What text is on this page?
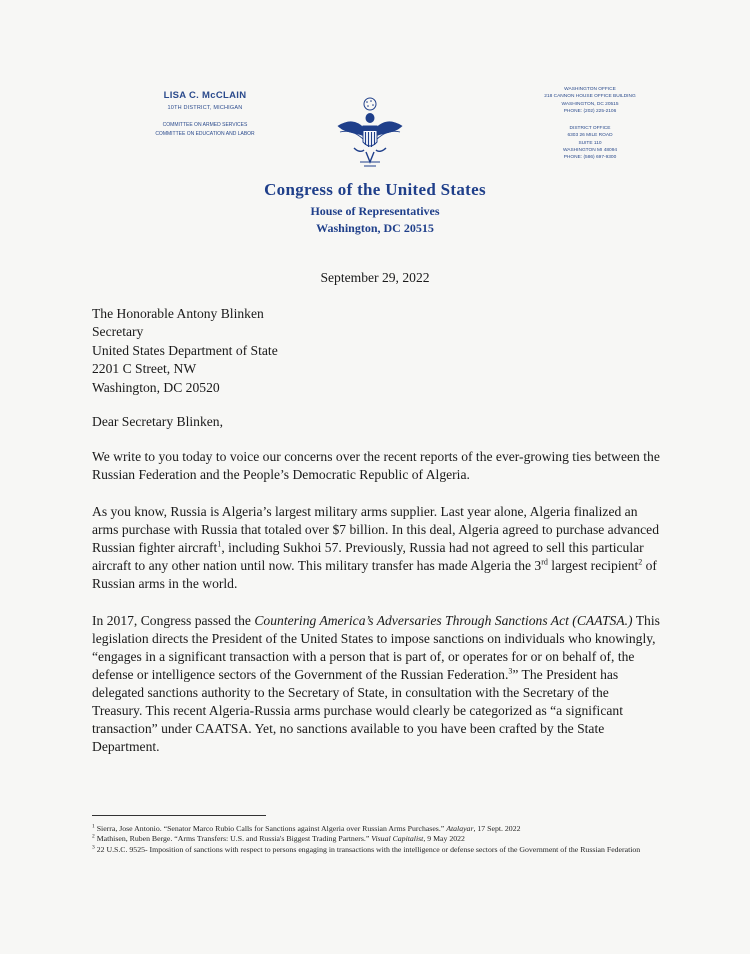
LISA C. McCLAIN
10TH DISTRICT, MICHIGAN
COMMITTEE ON ARMED SERVICES
COMMITTEE ON EDUCATION AND LABOR
WASHINGTON OFFICE
218 CANNON HOUSE OFFICE BUILDING
WASHINGTON, DC 20515
PHONE: (202) 225-2106
DISTRICT OFFICE
6303 26 MILE ROAD
SUITE 110
WASHINGTON MI 48094
PHONE: (586) 697-9300
Congress of the United States
House of Representatives
Washington, DC 20515
September 29, 2022
The Honorable Antony Blinken
Secretary
United States Department of State
2201 C Street, NW
Washington, DC 20520
Dear Secretary Blinken,
We write to you today to voice our concerns over the recent reports of the ever-growing ties between the Russian Federation and the People’s Democratic Republic of Algeria.
As you know, Russia is Algeria’s largest military arms supplier. Last year alone, Algeria finalized an arms purchase with Russia that totaled over $7 billion. In this deal, Algeria agreed to purchase advanced Russian fighter aircraft$^1$, including Sukhoi 57. Previously, Russia had not agreed to sell this particular aircraft to any other nation until now. This military transfer has made Algeria the 3rd largest recipient$^2$ of Russian arms in the world.
In 2017, Congress passed the Countering America’s Adversaries Through Sanctions Act (CAATSA.) This legislation directs the President of the United States to impose sanctions on individuals who knowingly, “engages in a significant transaction with a person that is part of, or operates for or on behalf of, the defense or intelligence sectors of the Government of the Russian Federation.$^3$” The President has delegated sanctions authority to the Secretary of State, in consultation with the Secretary of the Treasury. This recent Algeria-Russia arms purchase would clearly be categorized as “a significant transaction” under CAATSA. Yet, no sanctions available to you have been crafted by the State Department.
$^1$ Sierra, Jose Antonio. “Senator Marco Rubio Calls for Sanctions against Algeria over Russian Arms Purchases.” Atalayar, 17 Sept. 2022
$^2$ Mathisen, Ruben Berge. “Arms Transfers: U.S. and Russia's Biggest Trading Partners.” Visual Capitalist, 9 May 2022
$^3$ 22 U.S.C. 9525- Imposition of sanctions with respect to persons engaging in transactions with the intelligence or defense sectors of the Government of the Russian Federation
